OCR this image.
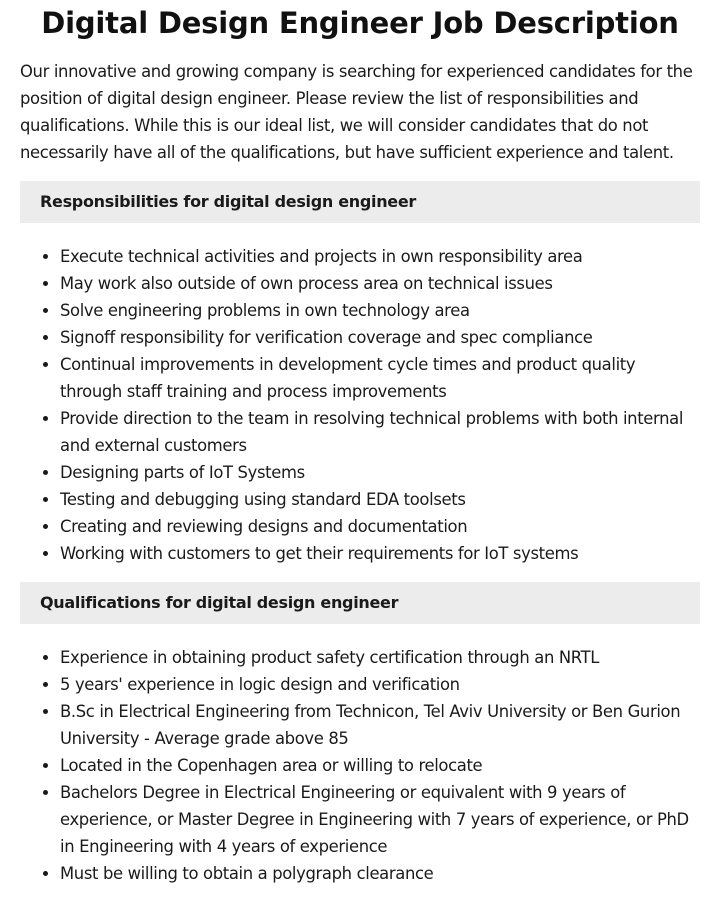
Digital Design Engineer Job Description

Our innovative and growing company is searching for experienced candidates for the position of digital design engineer. Please review the list of responsibilities and qualifications. While this is our ideal list, we will consider candidates that do not necessarily have all of the qualifications, but have sufficient experience and talent.

Responsibilities for digital design engineer
Execute technical activities and projects in own responsibility area
May work also outside of own process area on technical issues
Solve engineering problems in own technology area
Signoff responsibility for verification coverage and spec compliance
Continual improvements in development cycle times and product quality through staff training and process improvements
Provide direction to the team in resolving technical problems with both internal and external customers
Designing parts of IoT Systems
Testing and debugging using standard EDA toolsets
Creating and reviewing designs and documentation
Working with customers to get their requirements for IoT systems
Qualifications for digital design engineer
Experience in obtaining product safety certification through an NRTL
5 years' experience in logic design and verification
B.Sc in Electrical Engineering from Technicon, Tel Aviv University or Ben Gurion University - Average grade above 85
Located in the Copenhagen area or willing to relocate
Bachelors Degree in Electrical Engineering or equivalent with 9 years of experience, or Master Degree in Engineering with 7 years of experience, or PhD in Engineering with 4 years of experience
Must be willing to obtain a polygraph clearance
